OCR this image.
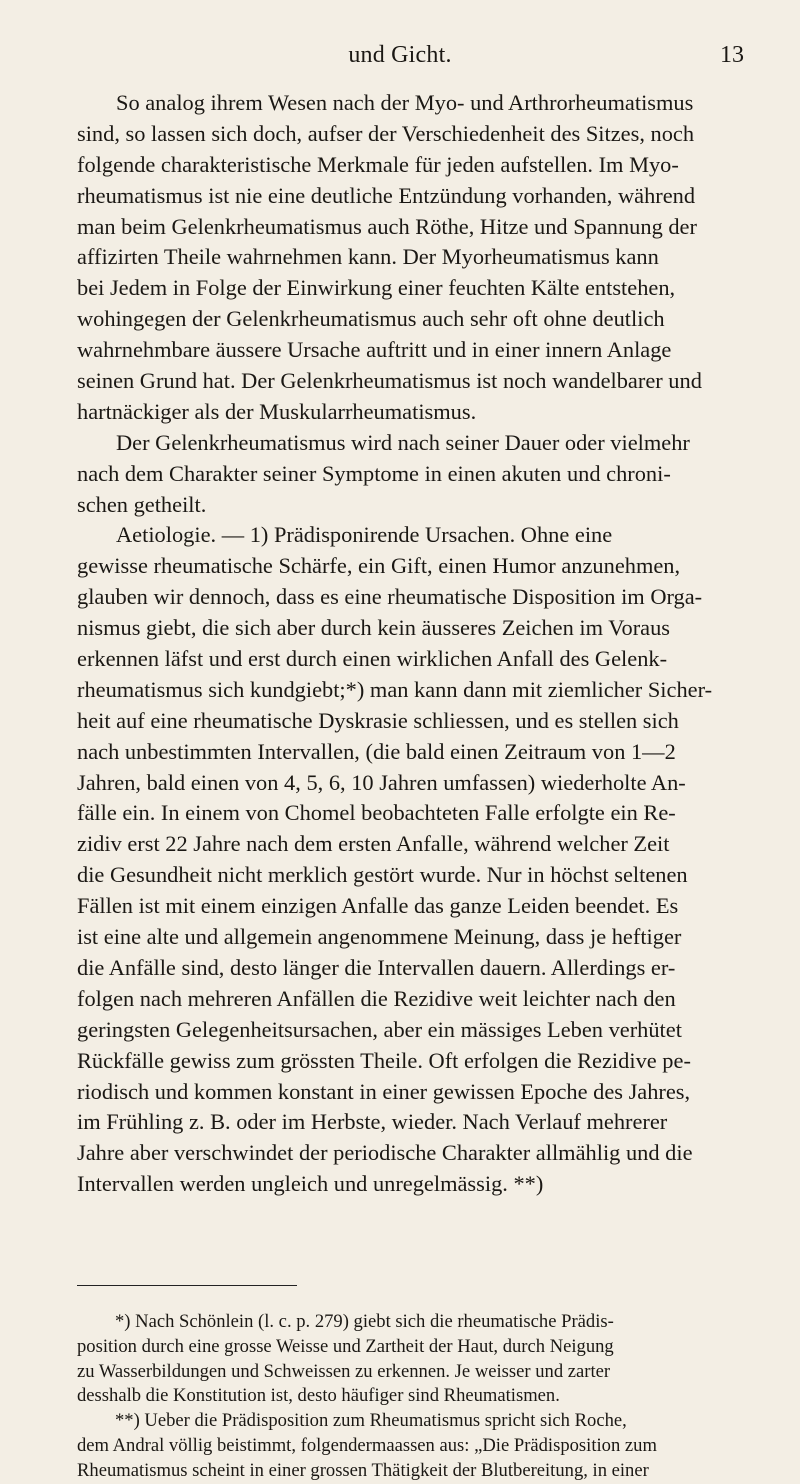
und Gicht.	13
So analog ihrem Wesen nach der Myo- und Arthrorheumatismus
sind, so lassen sich doch, aufser der Verschiedenheit des Sitzes, noch
folgende charakteristische Merkmale für jeden aufstellen. Im Myo-
rheumatismus ist nie eine deutliche Entzündung vorhanden, während
man beim Gelenkrheumatismus auch Röthe, Hitze und Spannung der
affizirten Theile wahrnehmen kann. Der Myorheumatismus kann
bei Jedem in Folge der Einwirkung einer feuchten Kälte entstehen,
wohingegen der Gelenkrheumatismus auch sehr oft ohne deutlich
wahrnehmbare äussere Ursache auftritt und in einer innern Anlage
seinen Grund hat. Der Gelenkrheumatismus ist noch wandelbarer und
hartnäckiger als der Muskularrheumatismus.
Der Gelenkrheumatismus wird nach seiner Dauer oder vielmehr
nach dem Charakter seiner Symptome in einen akuten und chroni-
schen getheilt.
Aetiologie. — 1) Prädisponirende Ursachen. Ohne eine
gewisse rheumatische Schärfe, ein Gift, einen Humor anzunehmen,
glauben wir dennoch, dass es eine rheumatische Disposition im Orga-
nismus giebt, die sich aber durch kein äusseres Zeichen im Voraus
erkennen läfst und erst durch einen wirklichen Anfall des Gelenk-
rheumatismus sich kundgiebt;*) man kann dann mit ziemlicher Sicher-
heit auf eine rheumatische Dyskrasie schliessen, und es stellen sich
nach unbestimmten Intervallen, (die bald einen Zeitraum von 1—2
Jahren, bald einen von 4, 5, 6, 10 Jahren umfassen) wiederholte An-
fälle ein. In einem von Chomel beobachteten Falle erfolgte ein Re-
zidiv erst 22 Jahre nach dem ersten Anfalle, während welcher Zeit
die Gesundheit nicht merklich gestört wurde. Nur in höchst seltenen
Fällen ist mit einem einzigen Anfalle das ganze Leiden beendet. Es
ist eine alte und allgemein angenommene Meinung, dass je heftiger
die Anfälle sind, desto länger die Intervallen dauern. Allerdings er-
folgen nach mehreren Anfällen die Rezidive weit leichter nach den
geringsten Gelegenheitsursachen, aber ein mässiges Leben verhütet
Rückfälle gewiss zum grössten Theile. Oft erfolgen die Rezidive pe-
riodisch und kommen konstant in einer gewissen Epoche des Jahres,
im Frühling z. B. oder im Herbste, wieder. Nach Verlauf mehrerer
Jahre aber verschwindet der periodische Charakter allmählig und die
Intervallen werden ungleich und unregelmässig. **)
*) Nach Schönlein (l. c. p. 279) giebt sich die rheumatische Prädis-
position durch eine grosse Weisse und Zartheit der Haut, durch Neigung
zu Wasserbildungen und Schweissen zu erkennen. Je weisser und zarter
desshalb die Konstitution ist, desto häufiger sind Rheumatismen.
**) Ueber die Prädisposition zum Rheumatismus spricht sich Roche,
dem Andral völlig beistimmt, folgendermaassen aus: „Die Prädisposition zum
Rheumatismus scheint in einer grossen Thätigkeit der Blutbereitung, in einer
